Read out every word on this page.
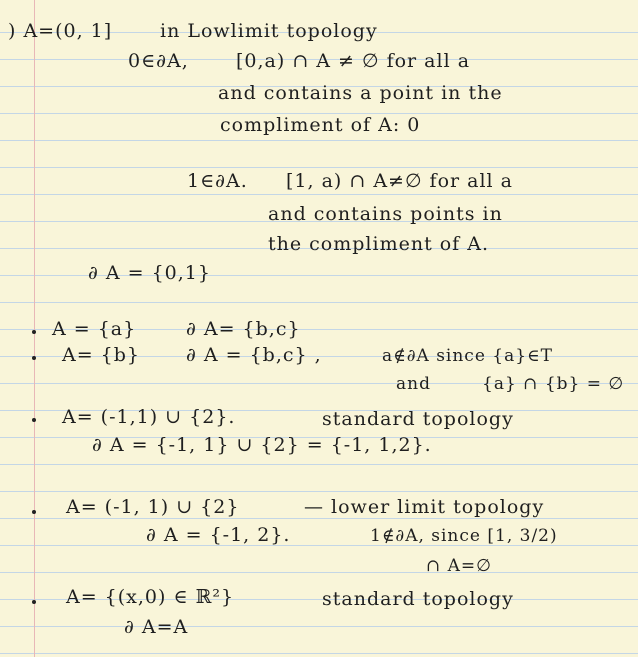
) A=(0, 1]	in Lowlimit topology
0∈∂A, [0,a) ∩ A ≠ ∅ for all a
and contains a point in the
compliment of A: 0
1∈∂A. [1, a) ∩ A≠∅ for all a
and contains points in
the compliment of A.
∂ A = {0,1}
A = {a}	∂ A= {b,c}
A= {b} ∂ A = {b,c} ,	a∉∂A since {a}∈T
and	{a} ∩ {b} = ∅
A= (-1,1) ∪ {2}.	standard topology
∂ A = {-1, 1} ∪ {2} = {-1, 1,2}.
A= (-1, 1) ∪ {2}	— lower limit topology
∂ A = {-1, 2}.	1∉∂A, since [1, 3/2)
∩ A=∅
A= {(x,0) ∈ ℝ²}	standard topology
∂ A=A
